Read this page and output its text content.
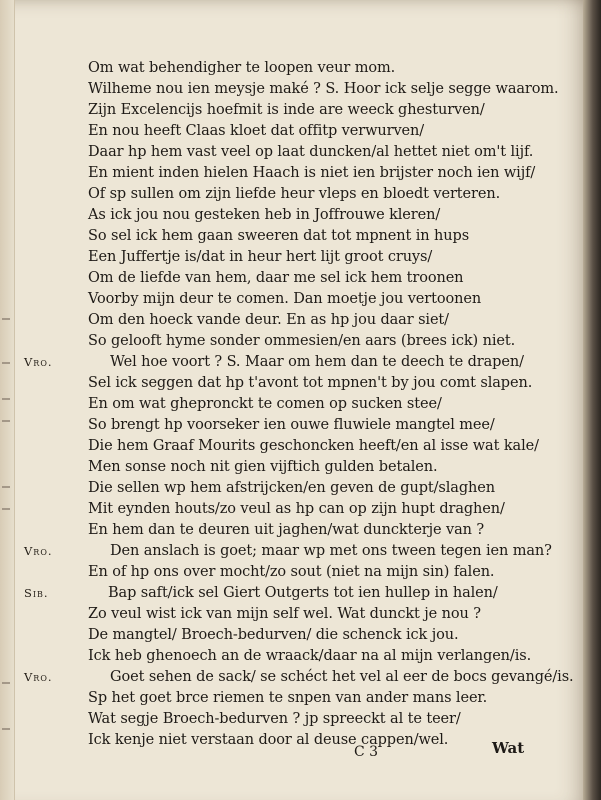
Om wat behendigher te loopen veur mom.
Wilheme nou ien meysje maké ? S. Hoor ick selje segge waarom.
Zijn Excelencijs hoefmit is inde are weeck ghesturven/
En nou heeft Claas kloet dat offitp verwurven/
Daar hp hem vast veel op laat duncken/al hettet niet om't lijf.
En mient inden hielen Haach is niet ien brijster noch ien wijf/
Of sp sullen om zijn liefde heur vleps en bloedt verteren.
As ick jou nou gesteken heb in Joffrouwe kleren/
So sel ick hem gaan sweeren dat tot mpnent in hups
Een Juffertje is/dat in heur hert lijt groot cruys/
Om de liefde van hem, daar me sel ick hem troonen
Voorby mijn deur te comen. Dan moetje jou vertoonen
Om den hoeck vande deur. En as hp jou daar siet/
So gelooft hyme sonder ommesien/en aars (brees ick) niet.
Vro.	Wel hoe voort ? S. Maar om hem dan te deech te drapen/
Sel ick seggen dat hp t'avont tot mpnen't by jou comt slapen.
En om wat ghepronckt te comen op sucken stee/
So brengt hp voorseker ien ouwe fluwiele mangtel mee/
Die hem Graaf Mourits geschoncken heeft/en al isse wat kale/
Men sonse noch nit gien vijftich gulden betalen.
Die sellen wp hem afstrijcken/en geven de gupt/slaghen
Mit eynden houts/zo veul as hp can op zijn hupt draghen/
En hem dan te deuren uit jaghen/wat dunckterje van ?
Vro.	Den anslach is goet; maar wp met ons tween tegen ien man?
En of hp ons over mocht/zo sout (niet na mijn sin) falen.
Sib.	Bap saft/ick sel Giert Outgerts tot ien hullep in halen/
Zo veul wist ick van mijn self wel. Wat dunckt je nou ?
De mangtel/ Broech-bedurven/ die schenck ick jou.
Ick heb ghenoech an de wraack/daar na al mijn verlangen/is.
Vro.	Goet sehen de sack/ se schéct het vel al eer de bocs gevangé/is.
Sp het goet brce riemen te snpen van ander mans leer.
Wat segje Broech-bedurven ? jp spreeckt al te teer/
Ick kenje niet verstaan door al deuse cappen/wel.
C 3	Wat
